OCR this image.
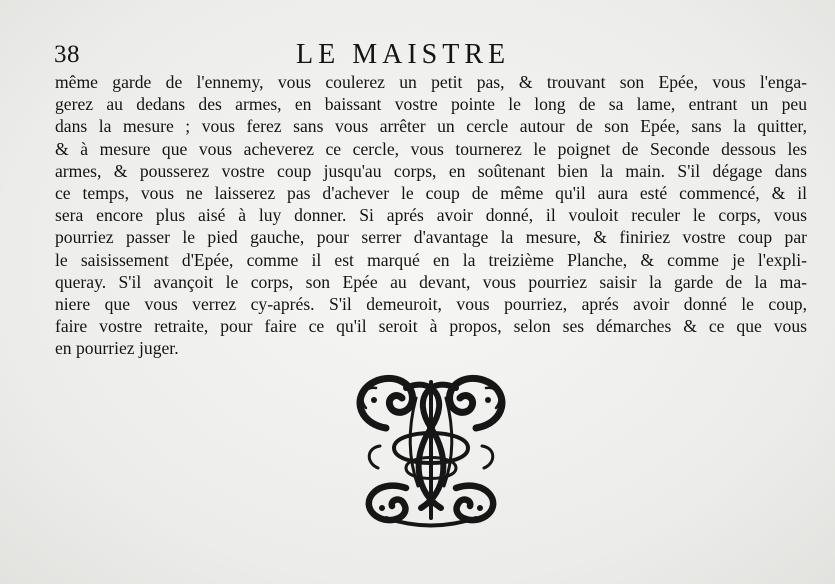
38	LE MAISTRE
même garde de l'ennemy, vous coulerez un petit pas, & trouvant son Epée, vous l'enga-
gerez au dedans des armes, en baissant vostre pointe le long de sa lame, entrant un peu
dans la mesure ; vous ferez sans vous arrêter un cercle autour de son Epée, sans la quitter,
& à mesure que vous acheverez ce cercle, vous tournerez le poignet de Seconde dessous les
armes, & pousserez vostre coup jusqu'au corps, en soûtenant bien la main. S'il dégage dans
ce temps, vous ne laisserez pas d'achever le coup de même qu'il aura esté commencé, & il
sera encore plus aisé à luy donner. Si aprés avoir donné, il vouloit reculer le corps, vous
pourriez passer le pied gauche, pour serrer d'avantage la mesure, & finiriez vostre coup par
le saisissement d'Epée, comme il est marqué en la treizième Planche, & comme je l'expli-
queray. S'il avançoit le corps, son Epée au devant, vous pourriez saisir la garde de la ma-
niere que vous verrez cy-aprés. S'il demeuroit, vous pourriez, aprés avoir donné le coup,
faire vostre retraite, pour faire ce qu'il seroit à propos, selon ses démarches & ce que vous
en pourriez juger.
